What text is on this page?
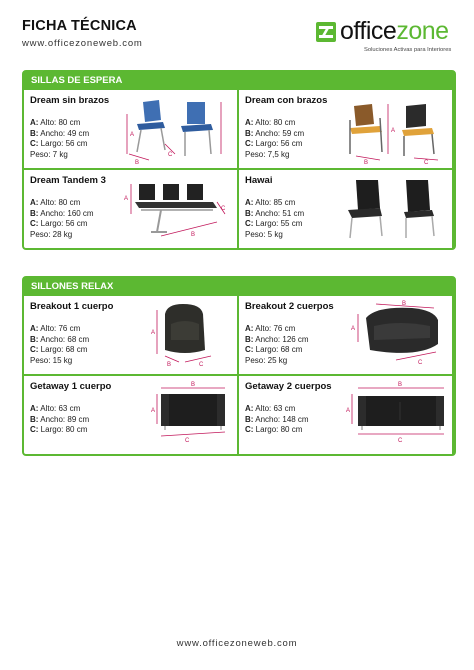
FICHA TÉCNICA
www.officezoneweb.com	officezone
Soluciones Activas para Interiores
SILLAS DE ESPERA
Dream sin brazos
A: Alto: 80 cm
B: Ancho: 49 cm
C: Largo: 56 cm
Peso: 7 kg
A
B
C
Dream con brazos
A: Alto: 80 cm
B: Ancho: 59 cm
C: Largo: 56 cm
Peso: 7,5 kg
B
A
C
Dream Tandem 3
A: Alto: 80 cm
B: Ancho: 160 cm
C: Largo: 56 cm
Peso: 28 kg
A
C
B
Hawai
A: Alto: 85 cm
B: Ancho: 51 cm
C: Largo: 55 cm
Peso: 5 kg
SILLONES RELAX
Breakout 1 cuerpo
A: Alto: 76 cm
B: Ancho: 68 cm
C: Largo: 68 cm
Peso: 15 kg
A
B	C
Breakout 2 cuerpos
A: Alto: 76 cm
B: Ancho: 126 cm
C: Largo: 68 cm
Peso: 25 kg
A
B
C
Getaway 1 cuerpo
A: Alto: 63 cm
B: Ancho: 89 cm
C: Largo: 80 cm
A
B
C
Getaway 2 cuerpos
A: Alto: 63 cm
B: Ancho: 148 cm
C: Largo: 80 cm
A
B
C
www.officezoneweb.com
